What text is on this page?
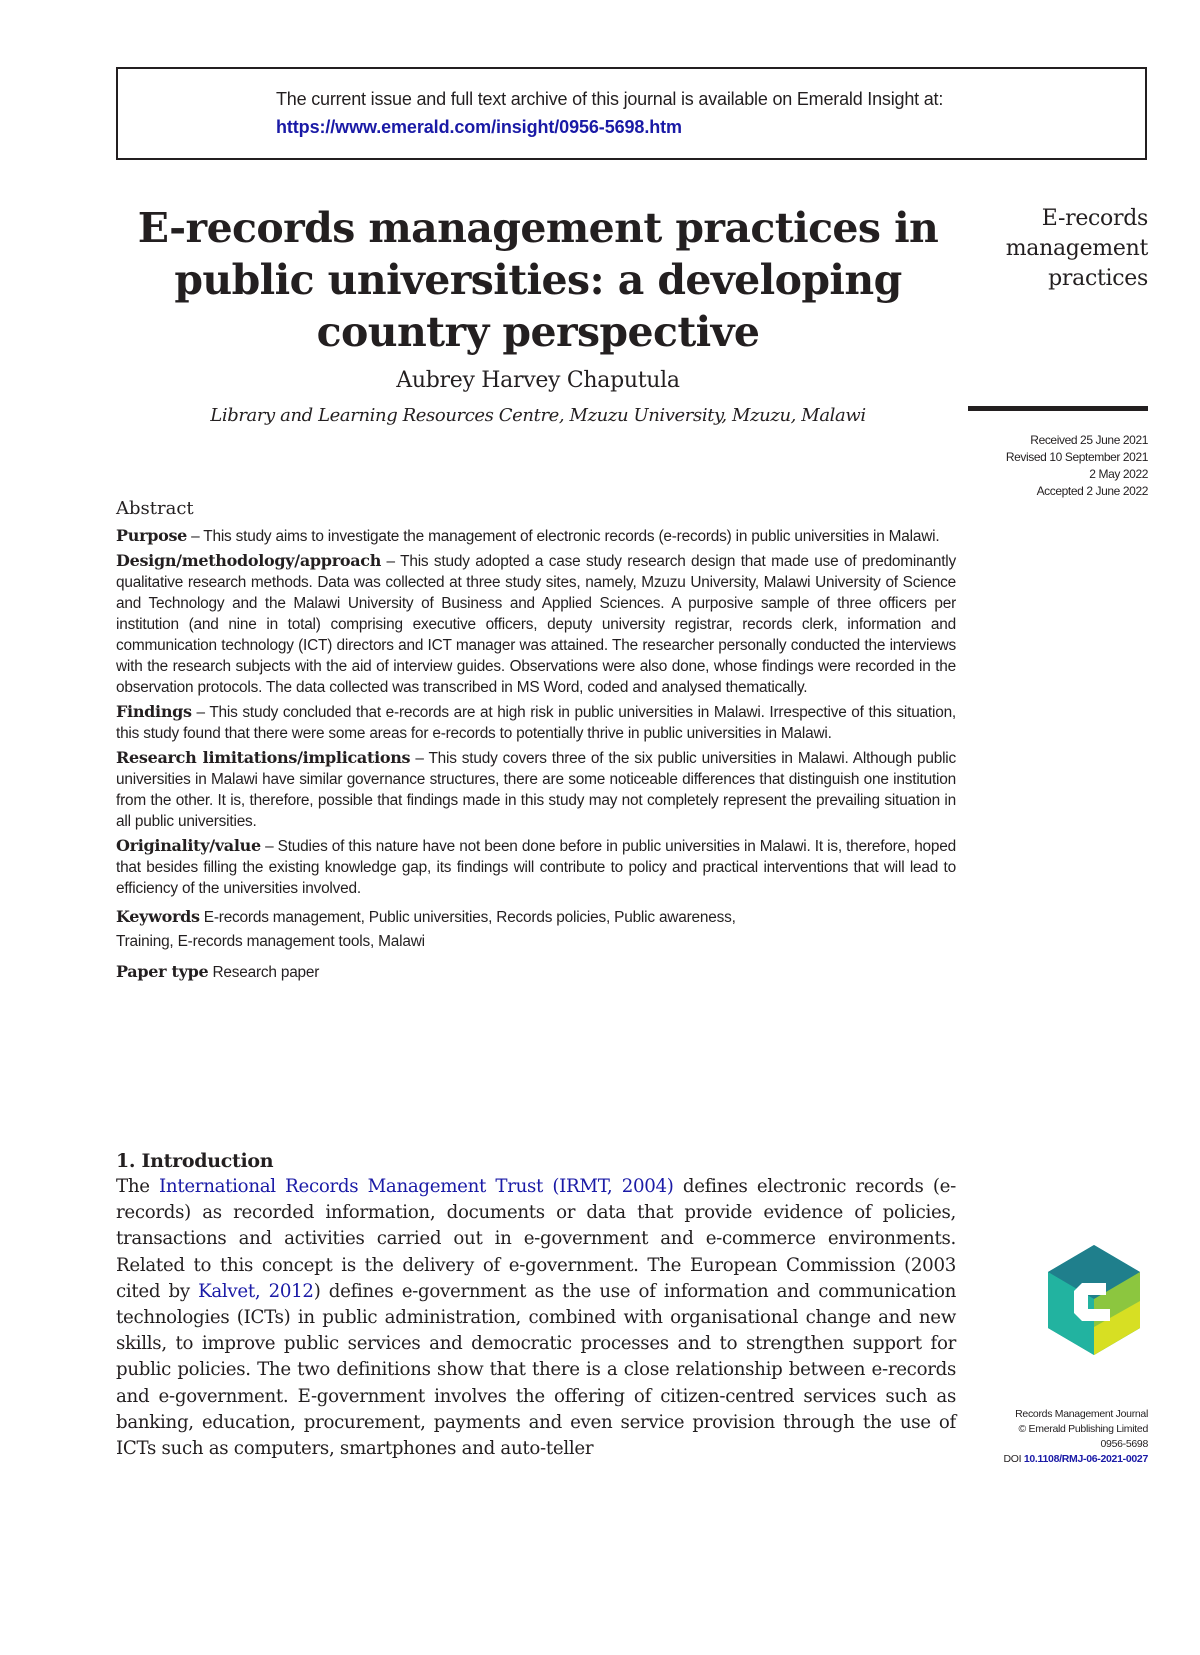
The current issue and full text archive of this journal is available on Emerald Insight at:
https://www.emerald.com/insight/0956-5698.htm
E-records management practices in public universities: a developing country perspective
Aubrey Harvey Chaputula
Library and Learning Resources Centre, Mzuzu University, Mzuzu, Malawi
E-records
management
practices
Received 25 June 2021
Revised 10 September 2021
2 May 2022
Accepted 2 June 2022
Abstract

Purpose – This study aims to investigate the management of electronic records (e-records) in public universities in Malawi.

Design/methodology/approach – This study adopted a case study research design that made use of predominantly qualitative research methods. Data was collected at three study sites, namely, Mzuzu University, Malawi University of Science and Technology and the Malawi University of Business and Applied Sciences. A purposive sample of three officers per institution (and nine in total) comprising executive officers, deputy university registrar, records clerk, information and communication technology (ICT) directors and ICT manager was attained. The researcher personally conducted the interviews with the research subjects with the aid of interview guides. Observations were also done, whose findings were recorded in the observation protocols. The data collected was transcribed in MS Word, coded and analysed thematically.

Findings – This study concluded that e-records are at high risk in public universities in Malawi. Irrespective of this situation, this study found that there were some areas for e-records to potentially thrive in public universities in Malawi.

Research limitations/implications – This study covers three of the six public universities in Malawi. Although public universities in Malawi have similar governance structures, there are some noticeable differences that distinguish one institution from the other. It is, therefore, possible that findings made in this study may not completely represent the prevailing situation in all public universities.

Originality/value – Studies of this nature have not been done before in public universities in Malawi. It is, therefore, hoped that besides filling the existing knowledge gap, its findings will contribute to policy and practical interventions that will lead to efficiency of the universities involved.

Keywords E-records management, Public universities, Records policies, Public awareness,
Training, E-records management tools, Malawi
Paper type Research paper
1. Introduction

The International Records Management Trust (IRMT, 2004) defines electronic records (e-records) as recorded information, documents or data that provide evidence of policies, transactions and activities carried out in e-government and e-commerce environments. Related to this concept is the delivery of e-government. The European Commission (2003 cited by Kalvet, 2012) defines e-government as the use of information and communication technologies (ICTs) in public administration, combined with organisational change and new skills, to improve public services and democratic processes and to strengthen support for public policies. The two definitions show that there is a close relationship between e-records and e-government. E-government involves the offering of citizen-centred services such as banking, education, procurement, payments and even service provision through the use of ICTs such as computers, smartphones and auto-teller

Records Management Journal
© Emerald Publishing Limited
0956-5698
DOI 10.1108/RMJ-06-2021-0027
